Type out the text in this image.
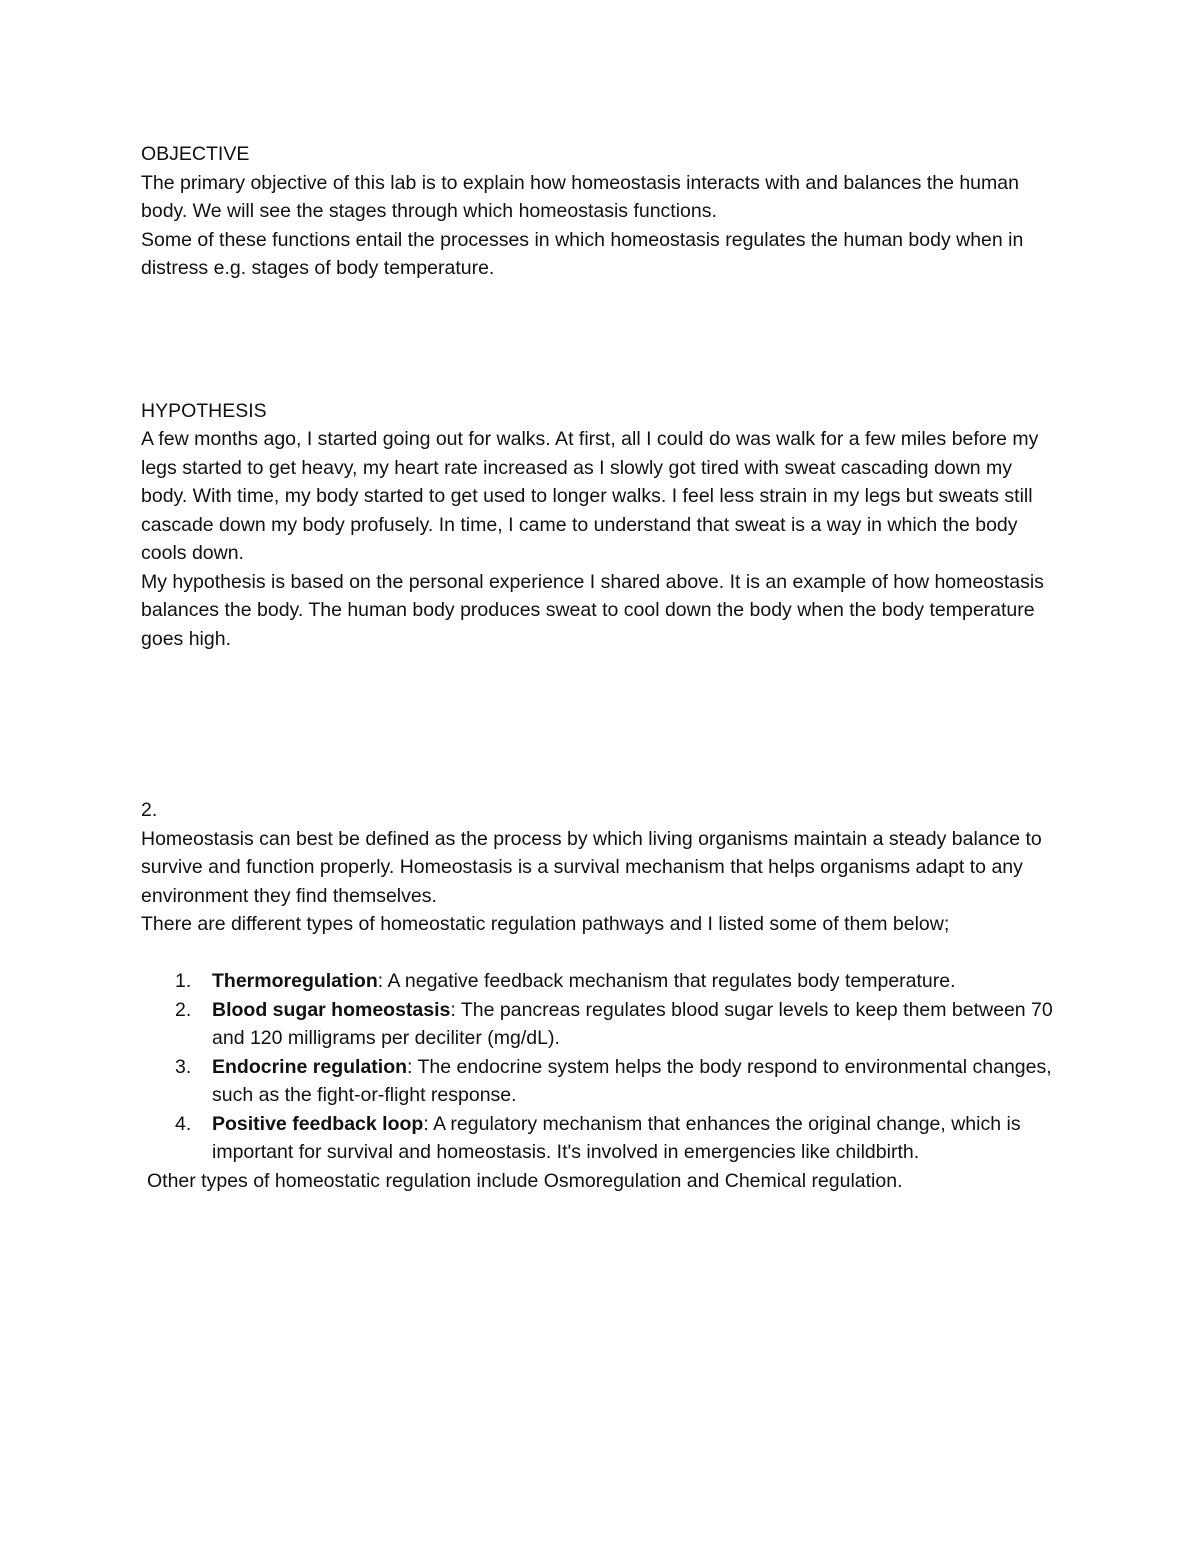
OBJECTIVE

The primary objective of this lab is to explain how homeostasis interacts with and balances the human body. We will see the stages through which homeostasis functions.

Some of these functions entail the processes in which homeostasis regulates the human body when in distress e.g. stages of body temperature.

HYPOTHESIS

A few months ago, I started going out for walks. At first, all I could do was walk for a few miles before my legs started to get heavy, my heart rate increased as I slowly got tired with sweat cascading down my body. With time, my body started to get used to longer walks. I feel less strain in my legs but sweats still cascade down my body profusely. In time, I came to understand that sweat is a way in which the body cools down.

My hypothesis is based on the personal experience I shared above. It is an example of how homeostasis balances the body. The human body produces sweat to cool down the body when the body temperature goes high.

2.

Homeostasis can best be defined as the process by which living organisms maintain a steady balance to survive and function properly. Homeostasis is a survival mechanism that helps organisms adapt to any environment they find themselves.

There are different types of homeostatic regulation pathways and I listed some of them below;

1. Thermoregulation: A negative feedback mechanism that regulates body temperature.
2. Blood sugar homeostasis: The pancreas regulates blood sugar levels to keep them between 70 and 120 milligrams per deciliter (mg/dL).
3. Endocrine regulation: The endocrine system helps the body respond to environmental changes, such as the fight-or-flight response.
4. Positive feedback loop: A regulatory mechanism that enhances the original change, which is important for survival and homeostasis. It's involved in emergencies like childbirth.

Other types of homeostatic regulation include Osmoregulation and Chemical regulation.
